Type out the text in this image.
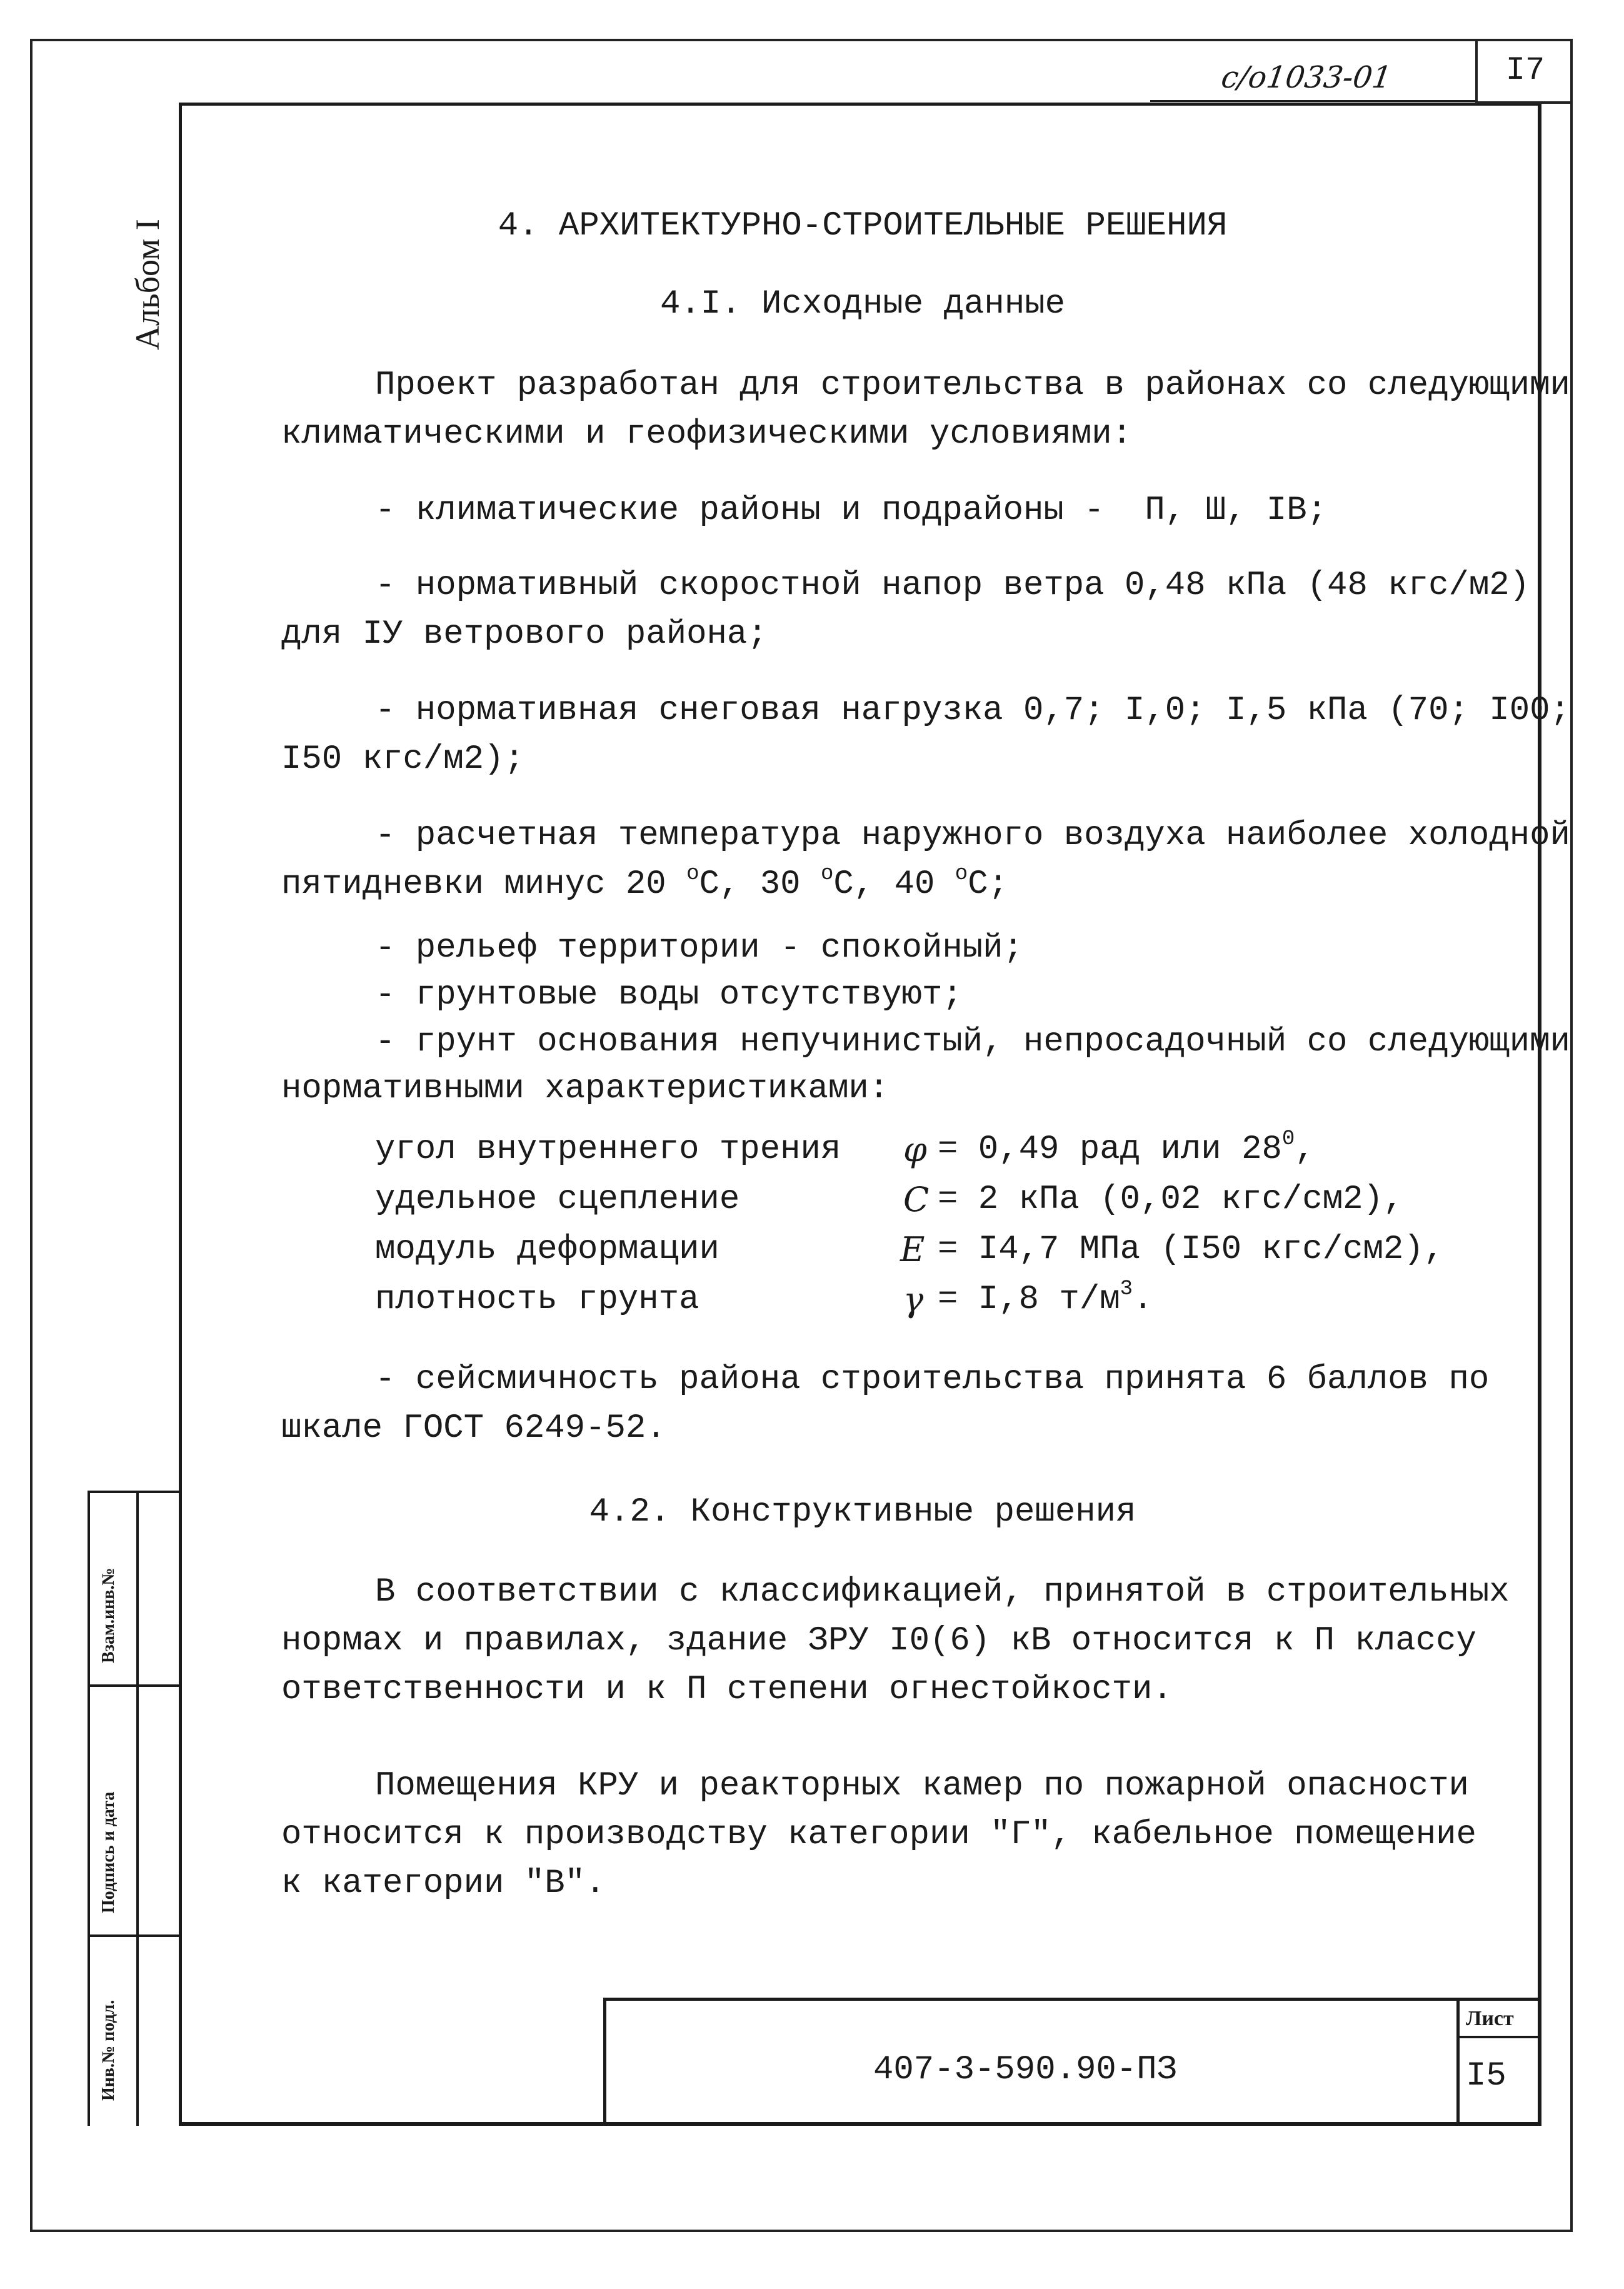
I7
с/о1033-01
Альбом I
Взам.инв.№
Подпись и дата
Инв.№ подл.
4. АРХИТЕКТУРНО-СТРОИТЕЛЬНЫЕ РЕШЕНИЯ
4.I. Исходные данные
Проект разработан для строительства в районах со следующими
климатическими и геофизическими условиями:
- климатические районы и подрайоны -  П, Ш, IВ;
- нормативный скоростной напор ветра 0,48 кПа (48 кгс/м2)
для IУ ветрового района;
- нормативная снеговая нагрузка 0,7; I,0; I,5 кПа (70; I00;
I50 кгс/м2);
- расчетная температура наружного воздуха наиболее холодной
пятидневки минус 20 $^o$С, 30 $^o$С, 40 $^o$С;
- рельеф территории - спокойный;
- грунтовые воды отсутствуют;
- грунт основания непучинистый, непросадочный со следующими
нормативными характеристиками:
угол внутреннего трения φ = 0,49 рад или $28^0$,
удельное сцепление	C = 2 кПа (0,02 кгс/см2),
модуль деформации	E = I4,7 МПа (I50 кгс/см2),
плотность грунта	γ = I,8 $т/м^3$.
- сейсмичность района строительства принята 6 баллов по
шкале ГОСТ 6249-52.
4.2. Конструктивные решения
В соответствии с классификацией, принятой в строительных
нормах и правилах, здание ЗРУ I0(6) кВ относится к П классу
ответственности и к П степени огнестойкости.
Помещения КРУ и реакторных камер по пожарной опасности
относится к производству категории "Г", кабельное помещение
к категории "В".
407-3-590.90-ПЗ
Лист
I5
